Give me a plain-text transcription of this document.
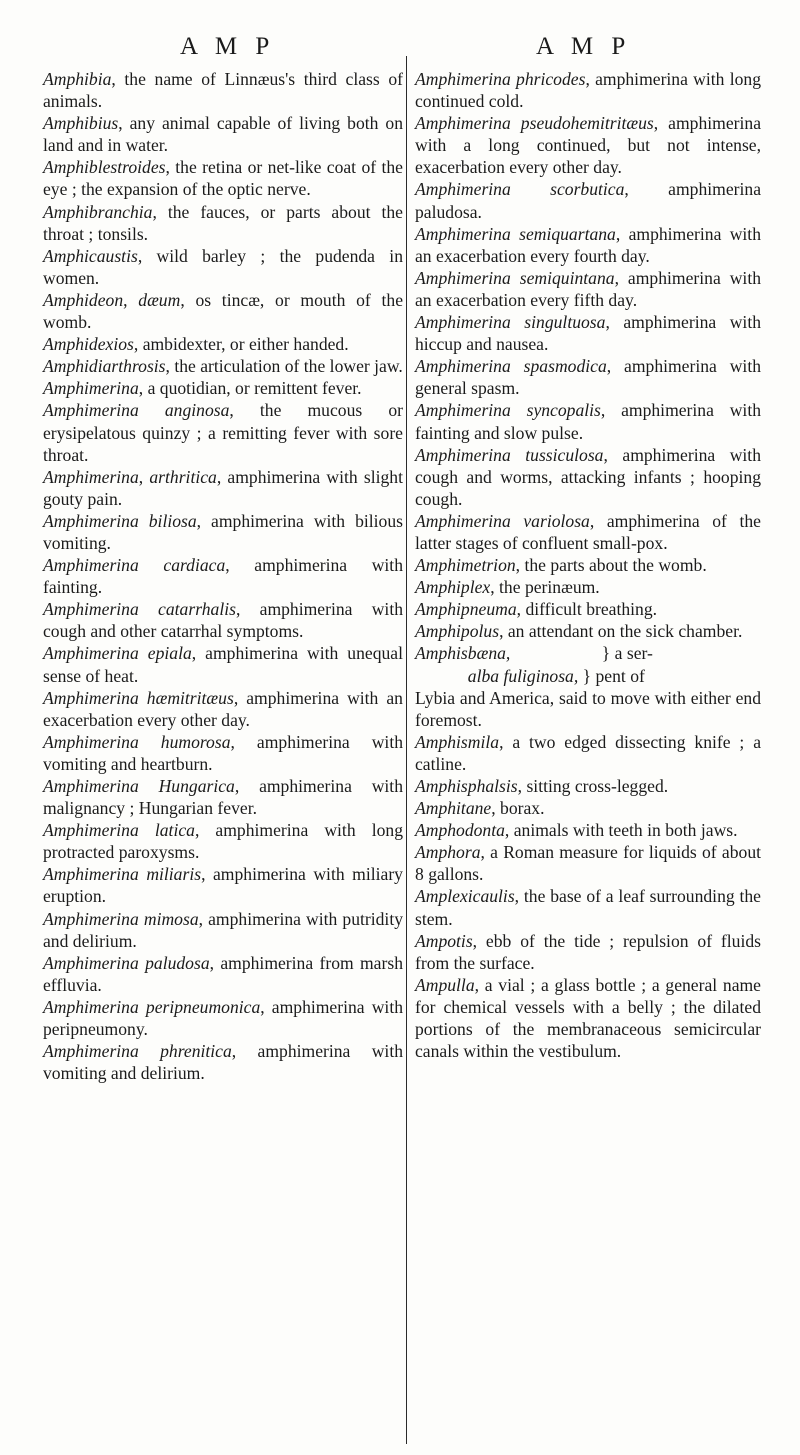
A M P	A M P

Amphibia, the name of Linnæus's third class of animals.

Amphibius, any animal capable of living both on land and in water.

Amphiblestroides, the retina or net-like coat of the eye ; the expansion of the optic nerve.

Amphibranchia, the fauces, or parts about the throat ; tonsils.

Amphicaustis, wild barley ; the pudenda in women.

Amphideon, dæum, os tincæ, or mouth of the womb.

Amphidexios, ambidexter, or either handed.

Amphidiarthrosis, the articulation of the lower jaw.

Amphimerina, a quotidian, or remittent fever.

Amphimerina anginosa, the mucous or erysipelatous quinzy ; a remitting fever with sore throat.

Amphimerina, arthritica, amphimerina with slight gouty pain.

Amphimerina biliosa, amphimerina with bilious vomiting.

Amphimerina cardiaca, amphimerina with fainting.

Amphimerina catarrhalis, amphimerina with cough and other catarrhal symptoms.

Amphimerina epiala, amphimerina with unequal sense of heat.

Amphimerina hæmitritæus, amphimerina with an exacerbation every other day.

Amphimerina humorosa, amphimerina with vomiting and heartburn.

Amphimerina Hungarica, amphimerina with malignancy ; Hungarian fever.

Amphimerina latica, amphimerina with long protracted paroxysms.

Amphimerina miliaris, amphimerina with miliary eruption.

Amphimerina mimosa, amphimerina with putridity and delirium.

Amphimerina paludosa, amphimerina from marsh effluvia.

Amphimerina peripneumonica, amphimerina with peripneumony.

Amphimerina phrenitica, amphimerina with vomiting and delirium.

Amphimerina phricodes, amphimerina with long continued cold.

Amphimerina pseudohemitritæus, amphimerina with a long continued, but not intense, exacerbation every other day.

Amphimerina scorbutica, amphimerina paludosa.

Amphimerina semiquartana, amphimerina with an exacerbation every fourth day.

Amphimerina semiquintana, amphimerina with an exacerbation every fifth day.

Amphimerina singultuosa, amphimerina with hiccup and nausea.

Amphimerina spasmodica, amphimerina with general spasm.

Amphimerina syncopalis, amphimerina with fainting and slow pulse.

Amphimerina tussiculosa, amphimerina with cough and worms, attacking infants ; hooping cough.

Amphimerina variolosa, amphimerina of the latter stages of confluent small-pox.

Amphimetrion, the parts about the womb.

Amphiplex, the perinæum.

Amphipneuma, difficult breathing.

Amphipolus, an attendant on the sick chamber.

Amphisbæna,                     } a ser-
alba fuliginosa, } pent of
Lybia and America, said to move with either end foremost.

Amphismila, a two edged dissecting knife ; a catline.

Amphisphalsis, sitting cross-legged.

Amphitane, borax.

Amphodonta, animals with teeth in both jaws.

Amphora, a Roman measure for liquids of about 8 gallons.

Amplexicaulis, the base of a leaf surrounding the stem.

Ampotis, ebb of the tide ; repulsion of fluids from the surface.

Ampulla, a vial ; a glass bottle ; a general name for chemical vessels with a belly ; the dilated portions of the membranaceous semicircular canals within the vestibulum.
